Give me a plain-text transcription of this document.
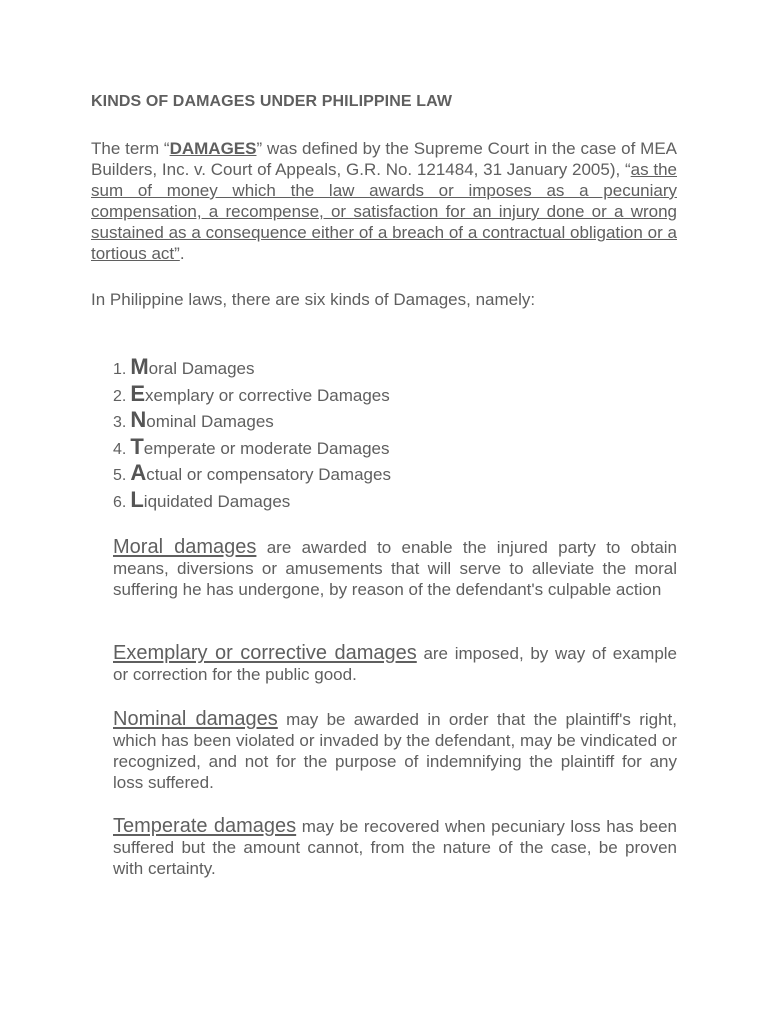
KINDS OF DAMAGES UNDER PHILIPPINE LAW

The term “DAMAGES” was defined by the Supreme Court in the case of MEA Builders, Inc. v. Court of Appeals, G.R. No. 121484, 31 January 2005), “as the sum of money which the law awards or imposes as a pecuniary compensation, a recompense, or satisfaction for an injury done or a wrong sustained as a consequence either of a breach of a contractual obligation or a tortious act”.

In Philippine laws, there are six kinds of Damages, namely:

1. Moral Damages
2. Exemplary or corrective Damages
3. Nominal Damages
4. Temperate or moderate Damages
5. Actual or compensatory Damages
6. Liquidated Damages

Moral damages are awarded to enable the injured party to obtain means, diversions or amusements that will serve to alleviate the moral suffering he has undergone, by reason of the defendant's culpable action

Exemplary or corrective damages are imposed, by way of example or correction for the public good.

Nominal damages may be awarded in order that the plaintiff's right, which has been violated or invaded by the defendant, may be vindicated or recognized, and not for the purpose of indemnifying the plaintiff for any loss suffered.

Temperate damages may be recovered when pecuniary loss has been suffered but the amount cannot, from the nature of the case, be proven with certainty.
